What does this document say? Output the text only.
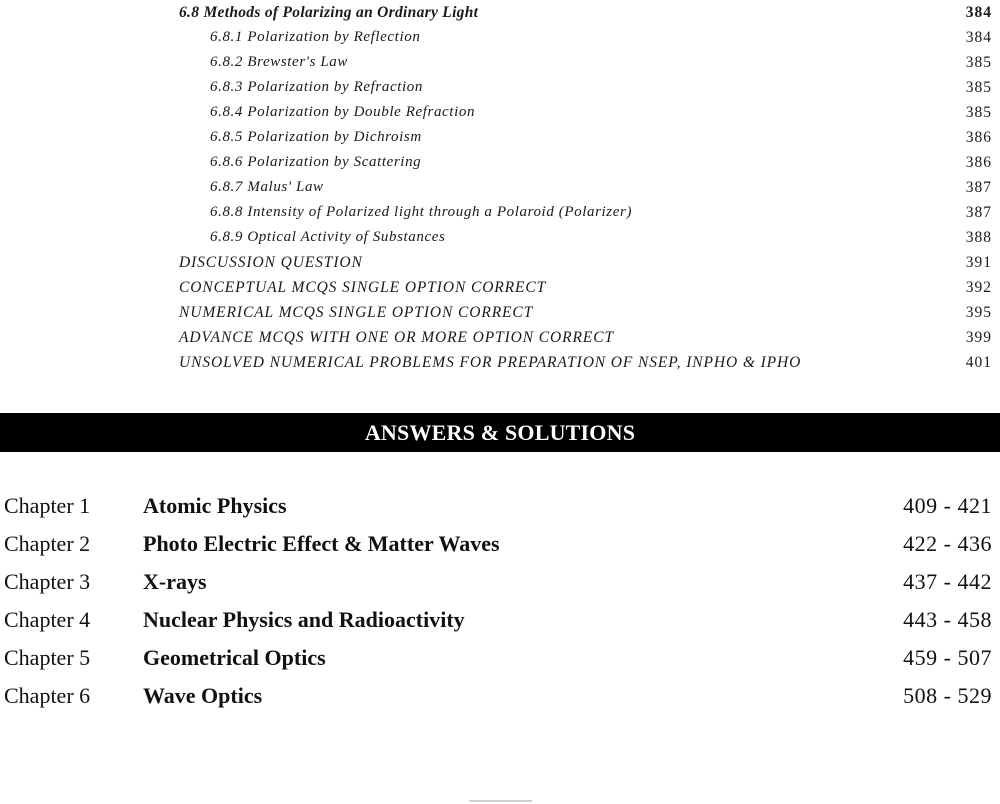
6.8 Methods of Polarizing an Ordinary Light	384
6.8.1 Polarization by Reflection	384
6.8.2 Brewster's Law	385
6.8.3 Polarization by Refraction	385
6.8.4 Polarization by Double Refraction	385
6.8.5 Polarization by Dichroism	386
6.8.6 Polarization by Scattering	386
6.8.7 Malus' Law	387
6.8.8 Intensity of Polarized light through a Polaroid (Polarizer)	387
6.8.9 Optical Activity of Substances	388
DISCUSSION QUESTION	391
CONCEPTUAL MCQS SINGLE OPTION CORRECT	392
NUMERICAL MCQS SINGLE OPTION CORRECT	395
ADVANCE MCQS WITH ONE OR MORE OPTION CORRECT	399
UNSOLVED NUMERICAL PROBLEMS FOR PREPARATION OF NSEP, INPHO & IPHO	401
ANSWERS & SOLUTIONS
Chapter 1 Atomic Physics	409 - 421
Chapter 2 Photo Electric Effect & Matter Waves	422 - 436
Chapter 3 X-rays	437 - 442
Chapter 4 Nuclear Physics and Radioactivity	443 - 458
Chapter 5 Geometrical Optics	459 - 507
Chapter 6 Wave Optics	508 - 529
